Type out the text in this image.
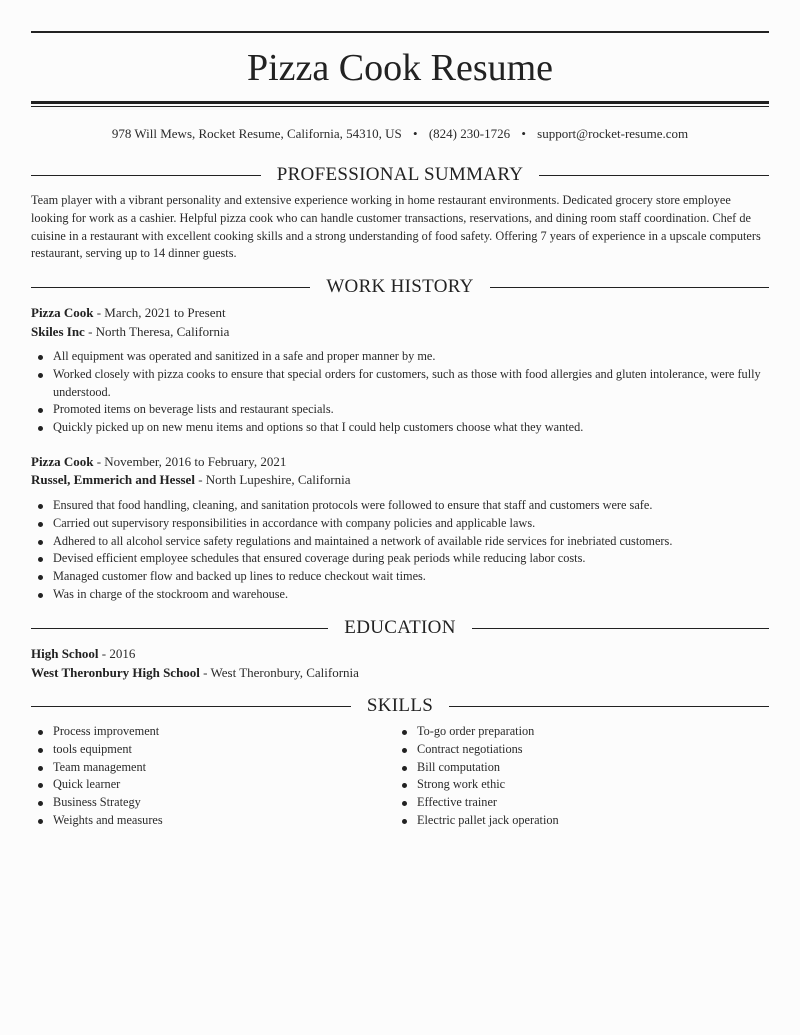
Pizza Cook Resume
978 Will Mews, Rocket Resume, California, 54310, US • (824) 230-1726 • support@rocket-resume.com
PROFESSIONAL SUMMARY

Team player with a vibrant personality and extensive experience working in home restaurant environments. Dedicated grocery store employee looking for work as a cashier. Helpful pizza cook who can handle customer transactions, reservations, and dining room staff coordination. Chef de cuisine in a restaurant with excellent cooking skills and a strong understanding of food safety. Offering 7 years of experience in a upscale computers restaurant, serving up to 14 dinner guests.

WORK HISTORY
Pizza Cook - March, 2021 to Present
Skiles Inc - North Theresa, California
All equipment was operated and sanitized in a safe and proper manner by me.
Worked closely with pizza cooks to ensure that special orders for customers, such as those with food allergies and gluten intolerance, were fully understood.
Promoted items on beverage lists and restaurant specials.
Quickly picked up on new menu items and options so that I could help customers choose what they wanted.
Pizza Cook - November, 2016 to February, 2021
Russel, Emmerich and Hessel - North Lupeshire, California
Ensured that food handling, cleaning, and sanitation protocols were followed to ensure that staff and customers were safe.
Carried out supervisory responsibilities in accordance with company policies and applicable laws.
Adhered to all alcohol service safety regulations and maintained a network of available ride services for inebriated customers.
Devised efficient employee schedules that ensured coverage during peak periods while reducing labor costs.
Managed customer flow and backed up lines to reduce checkout wait times.
Was in charge of the stockroom and warehouse.
EDUCATION
High School - 2016
West Theronbury High School - West Theronbury, California
SKILLS
Process improvement
tools equipment
Team management
Quick learner
Business Strategy
Weights and measures
To-go order preparation
Contract negotiations
Bill computation
Strong work ethic
Effective trainer
Electric pallet jack operation
